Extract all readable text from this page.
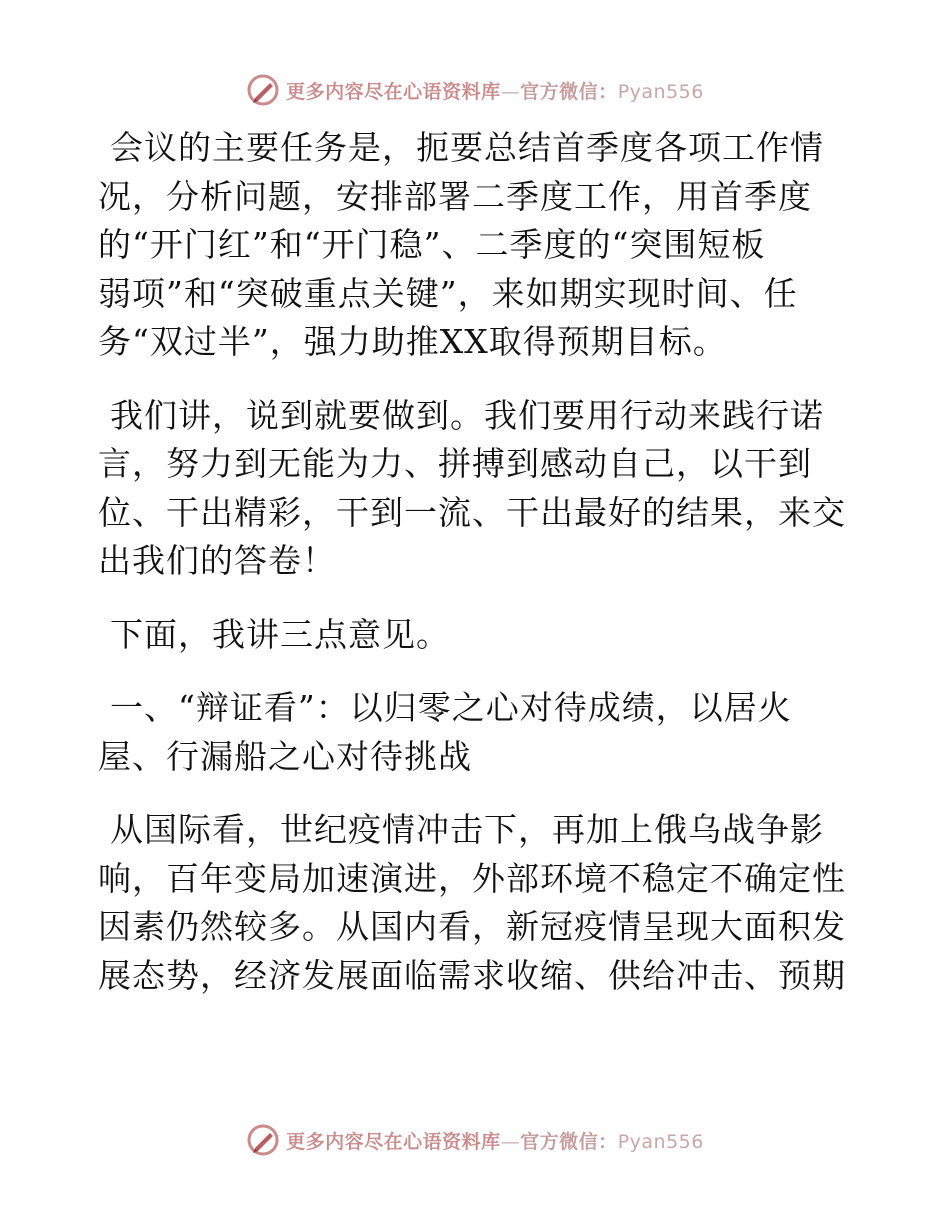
更多内容尽在心语资料库—官方微信：Pyan556

会议的主要任务是，扼要总结首季度各项工作情
况，分析问题，安排部署二季度工作，用首季度
的“开门红”和“开门稳”、二季度的“突围短板
弱项”和“突破重点关键”，来如期实现时间、任
务“双过半”，强力助推XX取得预期目标。

我们讲，说到就要做到。我们要用行动来践行诺
言，努力到无能为力、拼搏到感动自己，以干到
位、干出精彩，干到一流、干出最好的结果，来交
出我们的答卷！

下面，我讲三点意见。

一、“辩证看”：以归零之心对待成绩，以居火
屋、行漏船之心对待挑战

从国际看，世纪疫情冲击下，再加上俄乌战争影
响，百年变局加速演进，外部环境不稳定不确定性
因素仍然较多。从国内看，新冠疫情呈现大面积发
展态势，经济发展面临需求收缩、供给冲击、预期

更多内容尽在心语资料库—官方微信：Pyan556
